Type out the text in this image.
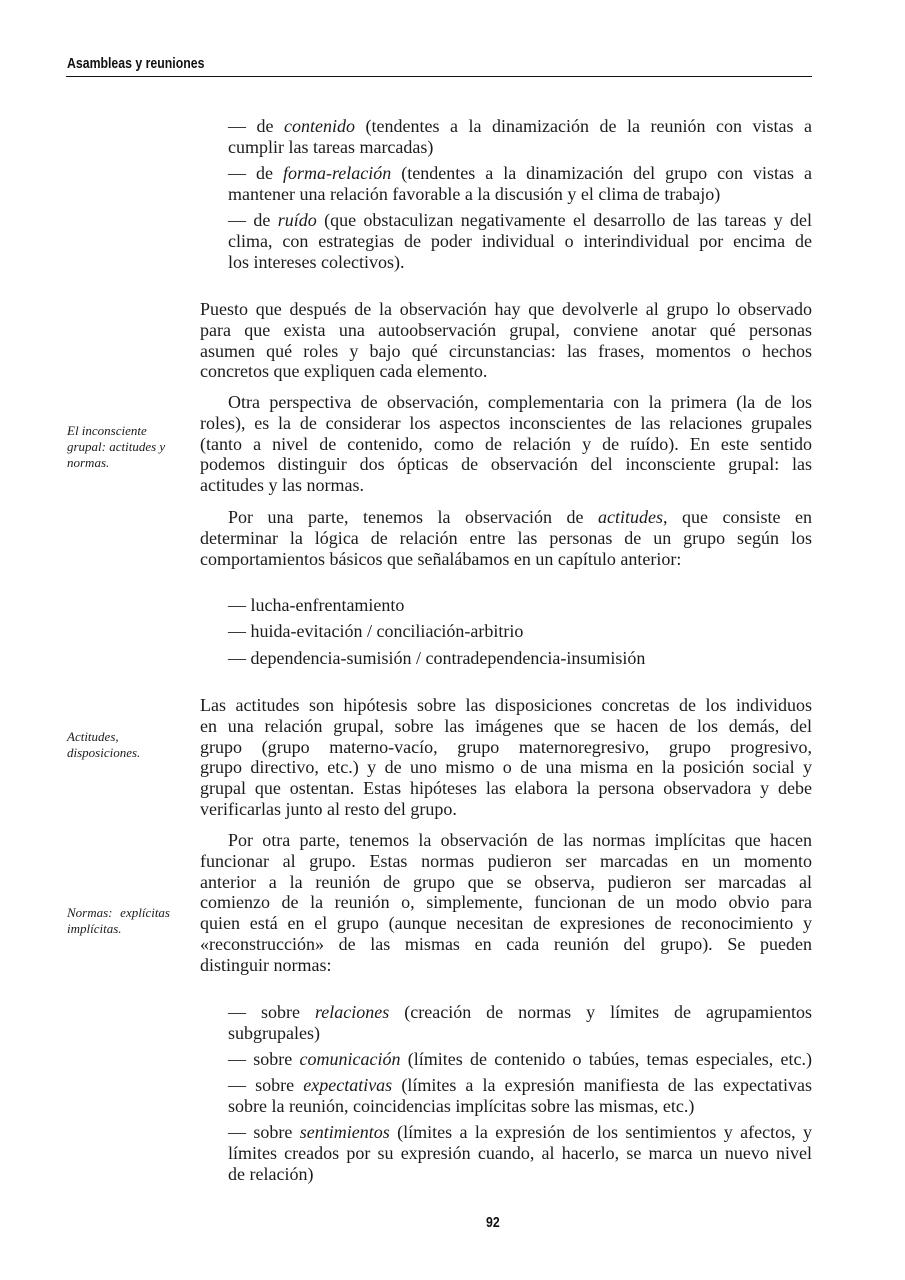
Asambleas y reuniones
— de contenido (tendentes a la dinamización de la reunión con vistas a
cumplir las tareas marcadas)
— de forma-relación (tendentes a la dinamización del grupo con vistas a
mantener una relación favorable a la discusión y el clima de trabajo)
— de ruído (que obstaculizan negativamente el desarrollo de las tareas y del
clima, con estrategias de poder individual o interindividual por encima de
los intereses colectivos).
Puesto que después de la observación hay que devolverle al grupo lo observado
para que exista una autoobservación grupal, conviene anotar qué personas
asumen qué roles y bajo qué circunstancias: las frases, momentos o hechos
concretos que expliquen cada elemento.
El inconsciente
grupal: actitudes y
normas.
Otra perspectiva de observación, complementaria con la primera (la de los
roles), es la de considerar los aspectos inconscientes de las relaciones grupales
(tanto a nivel de contenido, como de relación y de ruído). En este sentido
podemos distinguir dos ópticas de observación del inconsciente grupal: las
actitudes y las normas.
Por una parte, tenemos la observación de actitudes, que consiste en
determinar la lógica de relación entre las personas de un grupo según los
comportamientos básicos que señalábamos en un capítulo anterior:
— lucha-enfrentamiento
— huida-evitación / conciliación-arbitrio
— dependencia-sumisión / contradependencia-insumisión
Las actitudes son hipótesis sobre las disposiciones concretas de los individuos
en una relación grupal, sobre las imágenes que se hacen de los demás, del
grupo (grupo materno-vacío, grupo maternoregresivo, grupo progresivo,
grupo directivo, etc.) y de uno mismo o de una misma en la posición social y
grupal que ostentan. Estas hipóteses las elabora la persona observadora y debe
verificarlas junto al resto del grupo.
Actitudes,
disposiciones.
Por otra parte, tenemos la observación de las normas implícitas que hacen
funcionar al grupo. Estas normas pudieron ser marcadas en un momento
anterior a la reunión de grupo que se observa, pudieron ser marcadas al
comienzo de la reunión o, simplemente, funcionan de un modo obvio para
quien está en el grupo (aunque necesitan de expresiones de reconocimiento y
«reconstrucción» de las mismas en cada reunión del grupo). Se pueden
distinguir normas:
Normas: explícitas
implícitas.
— sobre relaciones (creación de normas y límites de agrupamientos
subgrupales)
— sobre comunicación (límites de contenido o tabúes, temas especiales, etc.)
— sobre expectativas (límites a la expresión manifiesta de las expectativas
sobre la reunión, coincidencias implícitas sobre las mismas, etc.)
— sobre sentimientos (límites a la expresión de los sentimientos y afectos, y
límites creados por su expresión cuando, al hacerlo, se marca un nuevo nivel
de relación)
92
